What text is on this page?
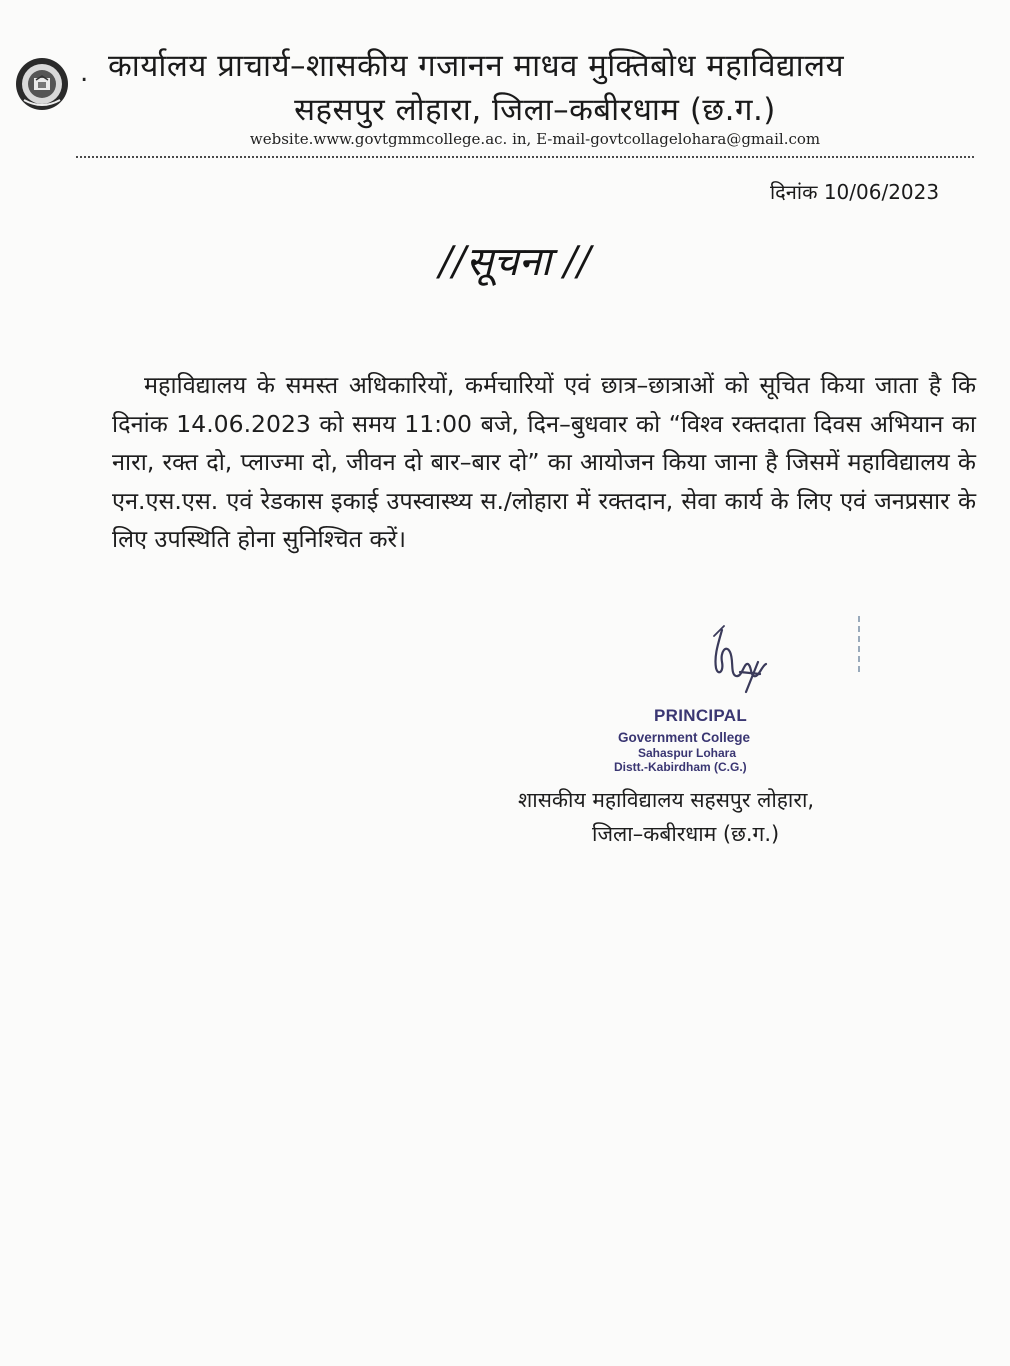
. कार्यालय प्राचार्य–शासकीय गजानन माधव मुक्तिबोध महाविद्यालय
सहसपुर लोहारा, जिला–कबीरधाम (छ.ग.)
website.www.govtgmmcollege.ac. in, E-mail-govtcollagelohara@gmail.com
दिनांक 10/06/2023
//सूचना //
महाविद्यालय के समस्त अधिकारियों, कर्मचारियों एवं छात्र–छात्राओं को सूचित किया जाता है कि दिनांक 14.06.2023 को समय 11:00 बजे, दिन–बुधवार को “विश्व रक्तदाता दिवस अभियान का नारा, रक्त दो, प्लाज्मा दो, जीवन दो बार–बार दो” का आयोजन किया जाना है जिसमें महाविद्यालय के एन.एस.एस. एवं रेडकास इकाई उपस्वास्थ्य स./लोहारा में रक्तदान, सेवा कार्य के लिए एवं जनप्रसार के लिए उपस्थिति होना सुनिश्चित करें।
PRINCIPAL
Government College
Sahaspur Lohara
Distt.-Kabirdham (C.G.)
शासकीय महाविद्यालय सहसपुर लोहारा,
जिला–कबीरधाम (छ.ग.)
